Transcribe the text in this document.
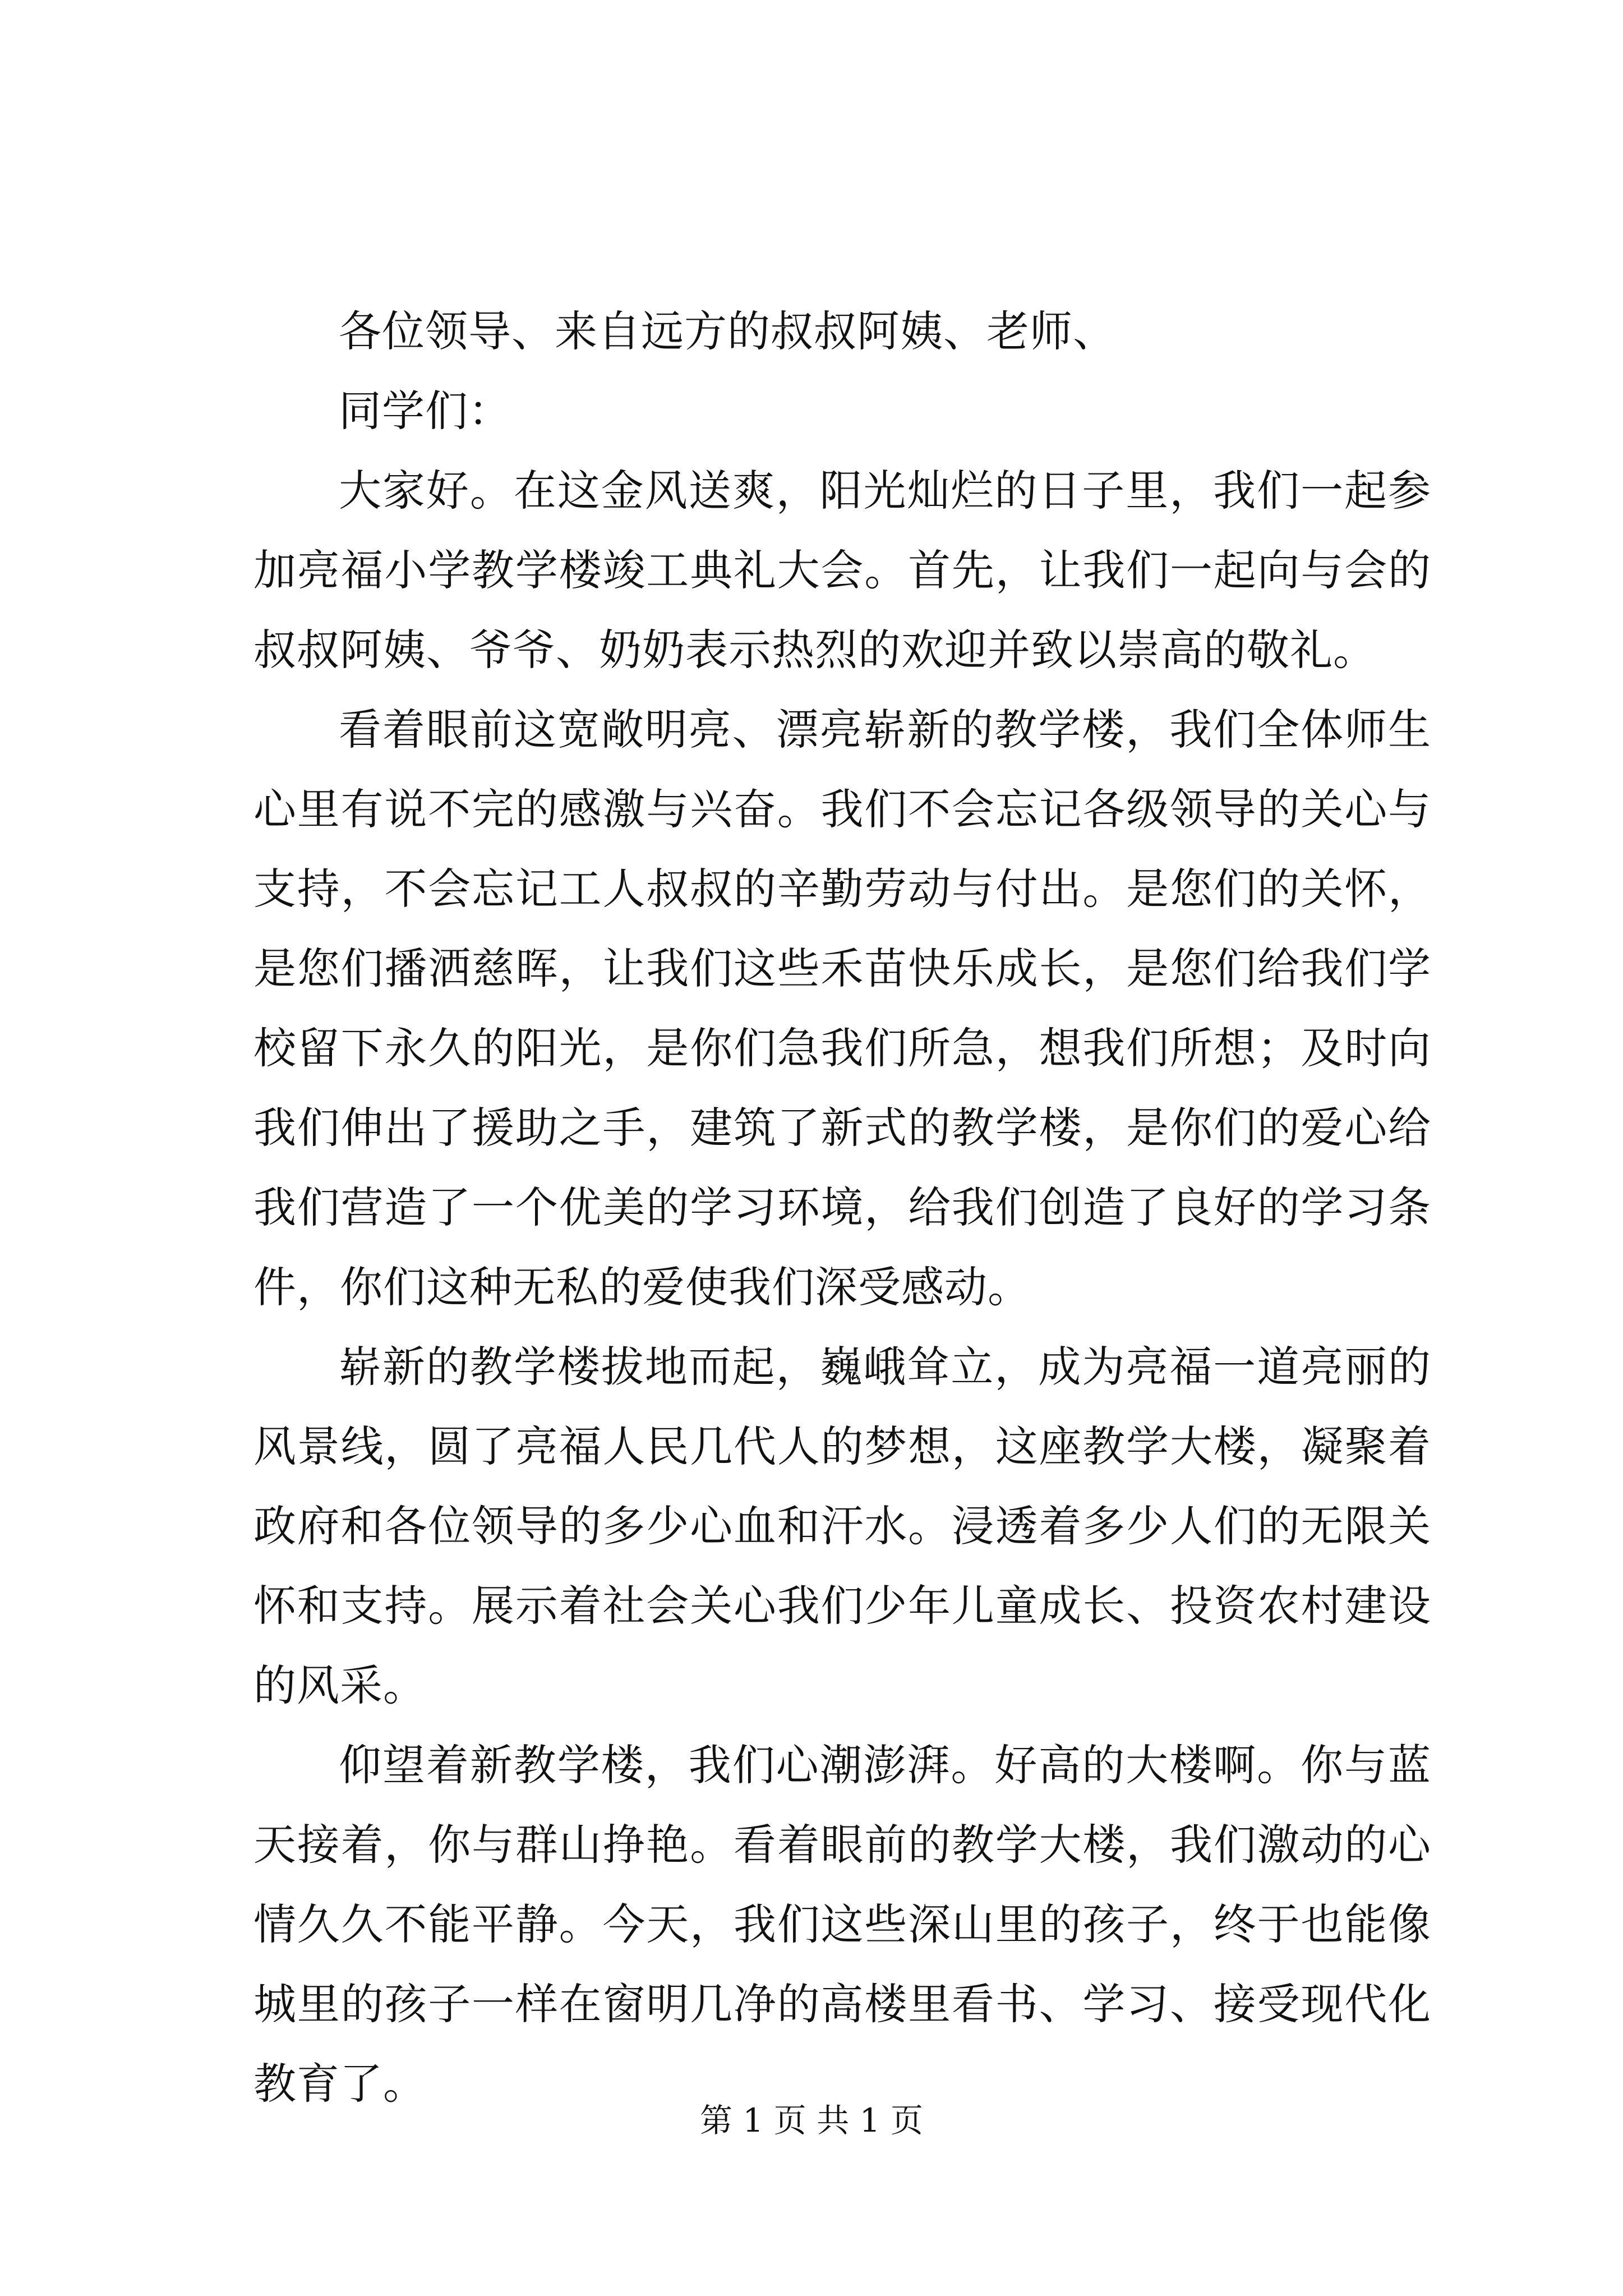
各位领导、来自远方的叔叔阿姨、老师、

同学们：

大家好。在这金风送爽，阳光灿烂的日子里，我们一起参加亮福小学教学楼竣工典礼大会。首先，让我们一起向与会的叔叔阿姨、爷爷、奶奶表示热烈的欢迎并致以崇高的敬礼。

看着眼前这宽敞明亮、漂亮崭新的教学楼，我们全体师生心里有说不完的感激与兴奋。我们不会忘记各级领导的关心与支持，不会忘记工人叔叔的辛勤劳动与付出。是您们的关怀，是您们播洒慈晖，让我们这些禾苗快乐成长，是您们给我们学校留下永久的阳光，是你们急我们所急，想我们所想；及时向我们伸出了援助之手，建筑了新式的教学楼，是你们的爱心给我们营造了一个优美的学习环境，给我们创造了良好的学习条件，你们这种无私的爱使我们深受感动。

崭新的教学楼拔地而起，巍峨耸立，成为亮福一道亮丽的风景线，圆了亮福人民几代人的梦想，这座教学大楼，凝聚着政府和各位领导的多少心血和汗水。浸透着多少人们的无限关怀和支持。展示着社会关心我们少年儿童成长、投资农村建设的风采。

仰望着新教学楼，我们心潮澎湃。好高的大楼啊。你与蓝天接着，你与群山挣艳。看着眼前的教学大楼，我们激动的心情久久不能平静。今天，我们这些深山里的孩子，终于也能像城里的孩子一样在窗明几净的高楼里看书、学习、接受现代化教育了。

第 1 页 共 1 页
